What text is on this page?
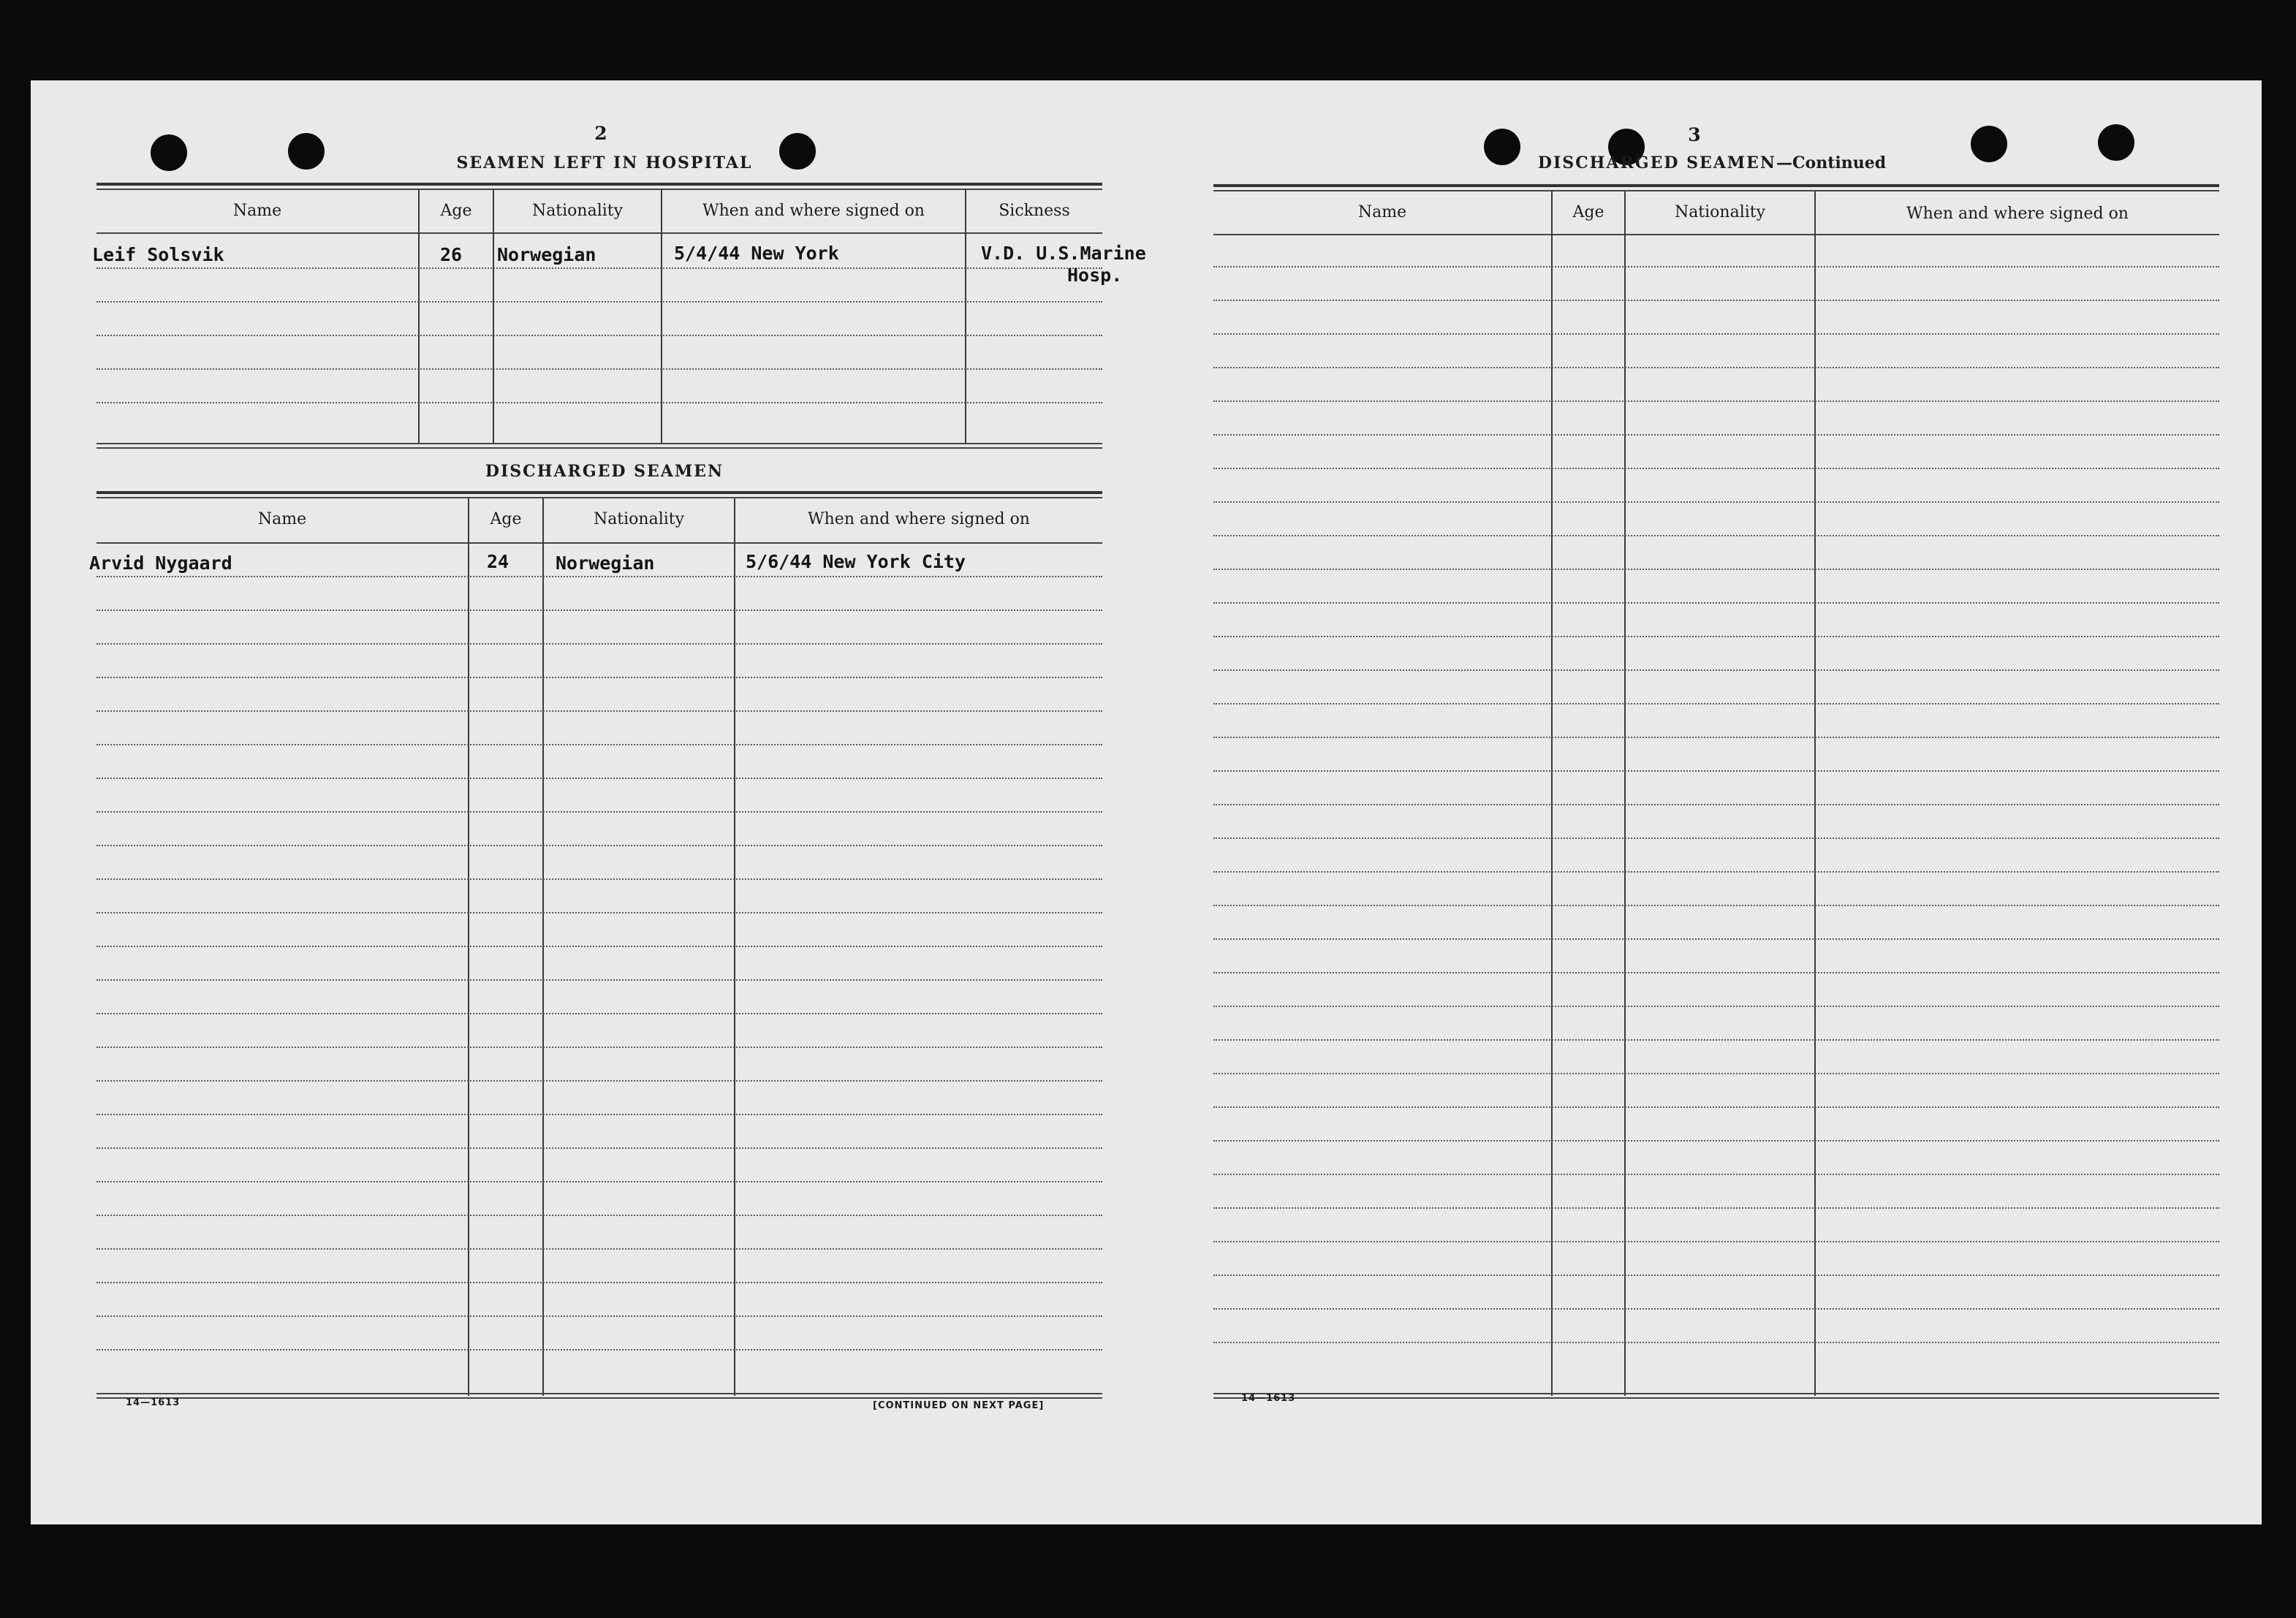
2
SEAMEN LEFT IN HOSPITAL
Name	Age	Nationality	When and where signed on	Sickness
Leif Solsvik	26 Norwegian	5/4/44 New York	V.D. U.S.Marine
Hosp.
DISCHARGED SEAMEN
Name	Age	Nationality	When and where signed on
Arvid Nygaard	24	Norwegian	5/6/44 New York City
14—1613	[CONTINUED ON NEXT PAGE]
3
DISCHARGED SEAMEN—Continued
Name	Age	Nationality	When and where signed on
14—1613
